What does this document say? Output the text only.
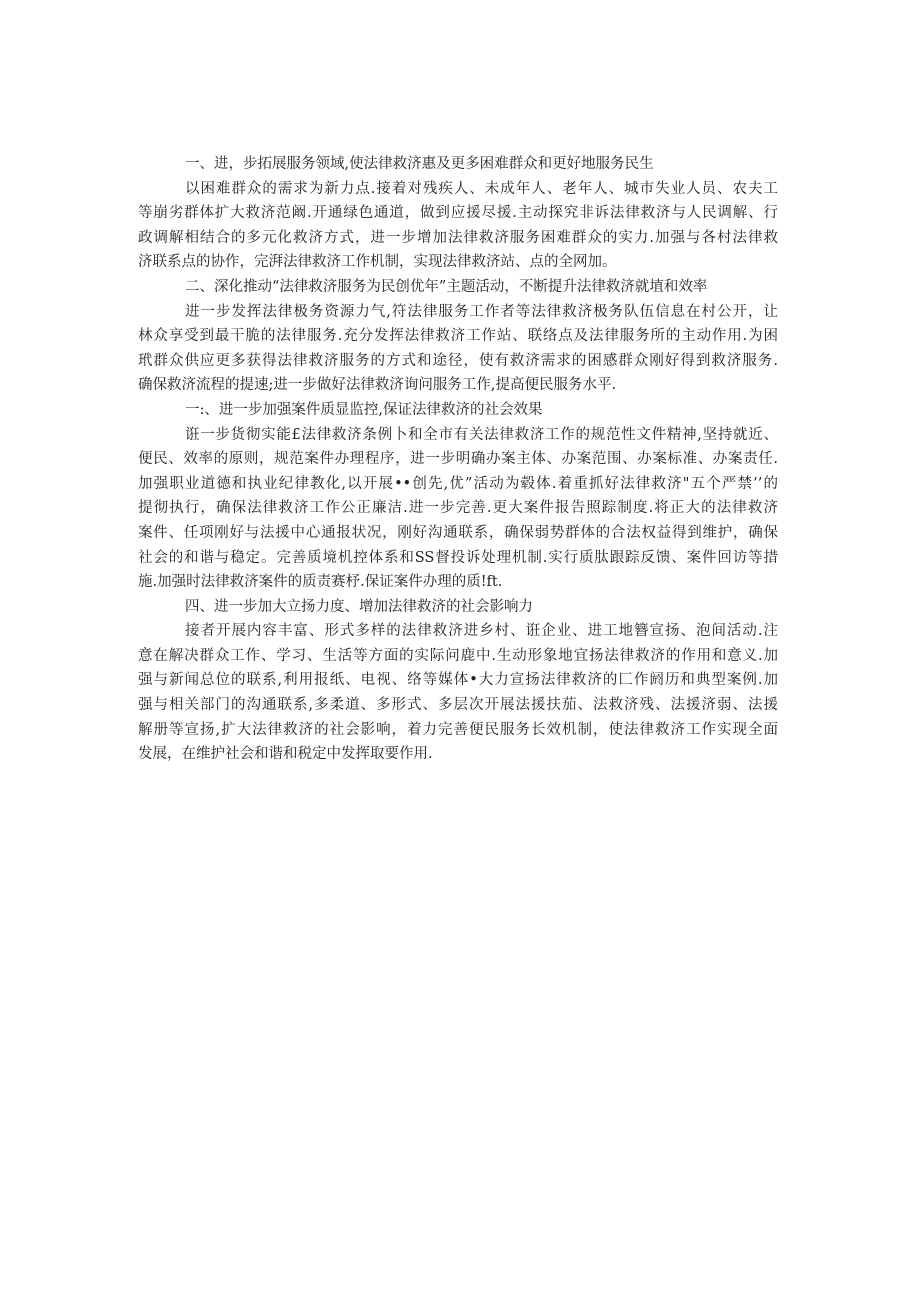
一、进，步拓展服务领域,使法律救济惠及更多困难群众和更好地服务民生

以困难群众的需求为新力点.接着对残疾人、未成年人、老年人、城市失业人员、农夫工
等崩劣群体扩大救济范阚.开通绿色通道，做到应援尽援.主动探究非诉法律救济与人民调解、行
政调解相结合的多元化救济方式，进一步增加法律救济服务困难群众的实力.加强与各村法律救
济联系点的协作，完湃法律救济工作机制，实现法律救济站、点的全网加。

二、深化推动“法律救济服务为民创优年”主题活动，不断提升法律救济就埴和效率

进一步发挥法律极务资源力气,符法律服务工作者等法律救济极务队伍信息在村公开，让
林众享受到最干脆的法律服务.充分发挥法律救济工作站、联络点及法律服务所的主动作用.为困
玳群众供应更多获得法律救济服务的方式和途径，使有救济需求的困感群众刚好得到救济服务.
确保救济流程的提速;进一步做好法律救济询问服务工作,提高便民服务水平.

一:、进一步加强案件质显监控,保证法律救济的社会效果

诳一步货彻实能£法律救济条例卜和全市有关法律救济工作的规范性文件精神,坚持就近、
便民、效率的原则，规范案件办理程序，进一步明确办案主体、办案范围、办案标准、办案责任.
加强职业道德和执业纪律教化,以开展••创先,优”活动为毂体.着重抓好法律救济"五个严禁’’的
提彻执行，确保法律救济工作公正廉洁.进一步完善.更大案件报告照踪制度.将正大的法律救济
案件、任项刚好与法援中心通报状况，刚好沟通联系，确保弱势群体的合法权益得到维护，确保
社会的和谐与稳定。完善质境机控体系和SS督投诉处理机制.实行质肽跟踪反馈、案件回访等措
施.加强时法律救济案件的质责赛杼.保证案件办理的质!ft.

四、进一步加大立扬力度、增加法律救济的社会影响力

接者开展内容丰富、形式多样的法律救济进乡村、诳企业、进工地簪宣扬、泡间活动.注
意在解决群众工作、学习、生活等方面的实际问鹿中.生动形象地宜扬法律救济的作用和意义.加
强与新闻总位的联系,利用报纸、电视、络等媒体•大力宣扬法律救济的匚作阏历和典型案例.加
强与相关部门的沟通联系,多柔道、多形式、多层次开展法援扶茄、法救济残、法援济弱、法援
解册等宣扬,扩大法律救济的社会影响，着力完善便民服务长效机制，使法律救济工作实现全面
发展，在维护社会和谐和税定中发挥取要作用.
